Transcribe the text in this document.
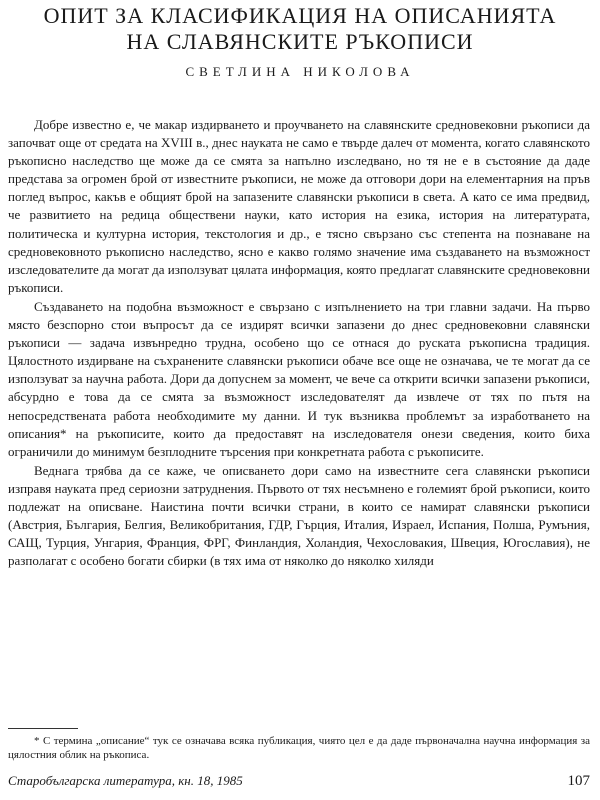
ОПИТ ЗА КЛАСИФИКАЦИЯ НА ОПИСАНИЯТА
НА СЛАВЯНСКИТЕ РЪКОПИСИ

СВЕТЛИНА НИКОЛОВА

Добре известно е, че макар издирването и проучването на славянските средновековни ръкописи да започват още от средата на XVIII в., днес науката не само е твърде далеч от момента, когато славянското ръкописно наследство ще може да се смята за напълно изследвано, но тя не е в състояние да даде представа за огромен брой от известните ръкописи, не може да отговори дори на елементарния на пръв поглед въпрос, какъв е общият брой на запазените славянски ръкописи в света. А като се има предвид, че развитието на редица обществени науки, като история на езика, история на литературата, политическа и културна история, текстология и др., е тясно свързано със степента на познаване на средновековното ръкописно наследство, ясно е какво голямо значение има създаването на възможност изследователите да могат да използуват цялата информация, която предлагат славянските средновековни ръкописи.

Създаването на подобна възможност е свързано с изпълнението на три главни задачи. На първо място безспорно стои въпросът да се издирят всички запазени до днес средновековни славянски ръкописи — задача извънредно трудна, особено що се отнася до руската ръкописна традиция. Цялостното издирване на съхранените славянски ръкописи обаче все още не означава, че те могат да се използуват за научна работа. Дори да допуснем за момент, че вече са открити всички запазени ръкописи, абсурдно е това да се смята за възможност изследователят да извлече от тях по пътя на непосредствената работа необходимите му данни. И тук възниква проблемът за изработването на описания* на ръкописите, които да предоставят на изследователя онези сведения, които биха ограничили до минимум безплодните търсения при конкретната работа с ръкописите.

Веднага трябва да се каже, че описването дори само на известните сега славянски ръкописи изправя науката пред сериозни затруднения. Първото от тях несъмнено е големият брой ръкописи, които подлежат на описване. Наистина почти всички страни, в които се намират славянски ръкописи (Австрия, България, Белгия, Великобритания, ГДР, Гърция, Италия, Израел, Испания, Полша, Румъния, САЩ, Турция, Унгария, Франция, ФРГ, Финландия, Холандия, Чехословакия, Швеция, Югославия), не разполагат с особено богати сбирки (в тях има от няколко до няколко хиляди

* С термина „описание“ тук се означава всяка публикация, чиято цел е да даде първоначална научна информация за цялостния облик на ръкописа.

Старобългарска литература, кн. 18, 1985	107
